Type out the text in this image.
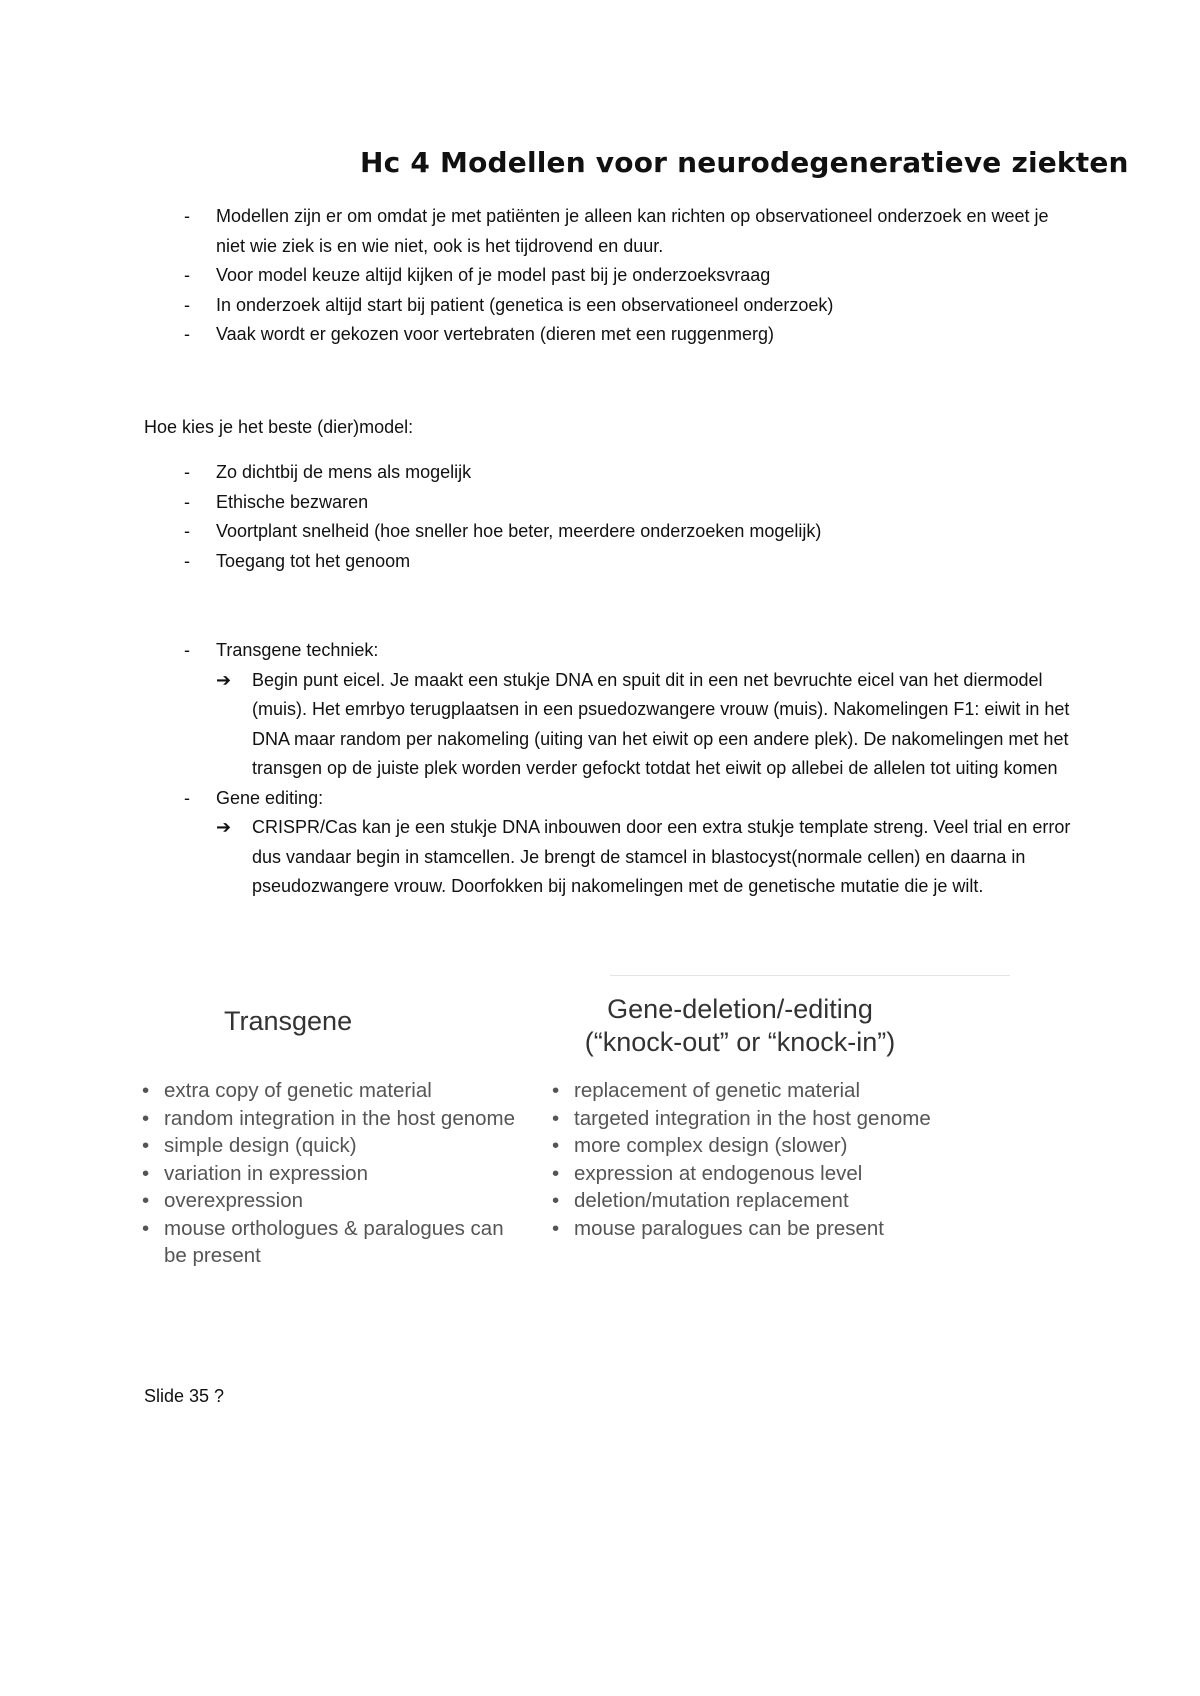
Hc 4 Modellen voor neurodegeneratieve ziekten
- Modellen zijn er om omdat je met patiënten je alleen kan richten op observationeel onderzoek en weet je niet wie ziek is en wie niet, ook is het tijdrovend en duur.
- Voor model keuze altijd kijken of je model past bij je onderzoeksvraag
- In onderzoek altijd start bij patient (genetica is een observationeel onderzoek)
- Vaak wordt er gekozen voor vertebraten (dieren met een ruggenmerg)
Hoe kies je het beste (dier)model:
- Zo dichtbij de mens als mogelijk
- Ethische bezwaren
- Voortplant snelheid (hoe sneller hoe beter, meerdere onderzoeken mogelijk)
- Toegang tot het genoom
- Transgene techniek:
➔ Begin punt eicel. Je maakt een stukje DNA en spuit dit in een net bevruchte eicel van het diermodel (muis). Het emrbyo terugplaatsen in een psuedozwangere vrouw (muis). Nakomelingen F1: eiwit in het DNA maar random per nakomeling (uiting van het eiwit op een andere plek). De nakomelingen met het transgen op de juiste plek worden verder gefockt totdat het eiwit op allebei de allelen tot uiting komen
- Gene editing:
➔ CRISPR/Cas kan je een stukje DNA inbouwen door een extra stukje template streng. Veel trial en error dus vandaar begin in stamcellen. Je brengt de stamcel in blastocyst(normale cellen) en daarna in pseudozwangere vrouw. Doorfokken bij nakomelingen met de genetische mutatie die je wilt.
Transgene
• extra copy of genetic material
• random integration in the host genome
• simple design (quick)
• variation in expression
• overexpression
• mouse orthologues & paralogues can be present
Gene-deletion/-editing
(“knock-out” or “knock-in”)
• replacement of genetic material
• targeted integration in the host genome
• more complex design (slower)
• expression at endogenous level
• deletion/mutation replacement
• mouse paralogues can be present
Slide 35 ?
